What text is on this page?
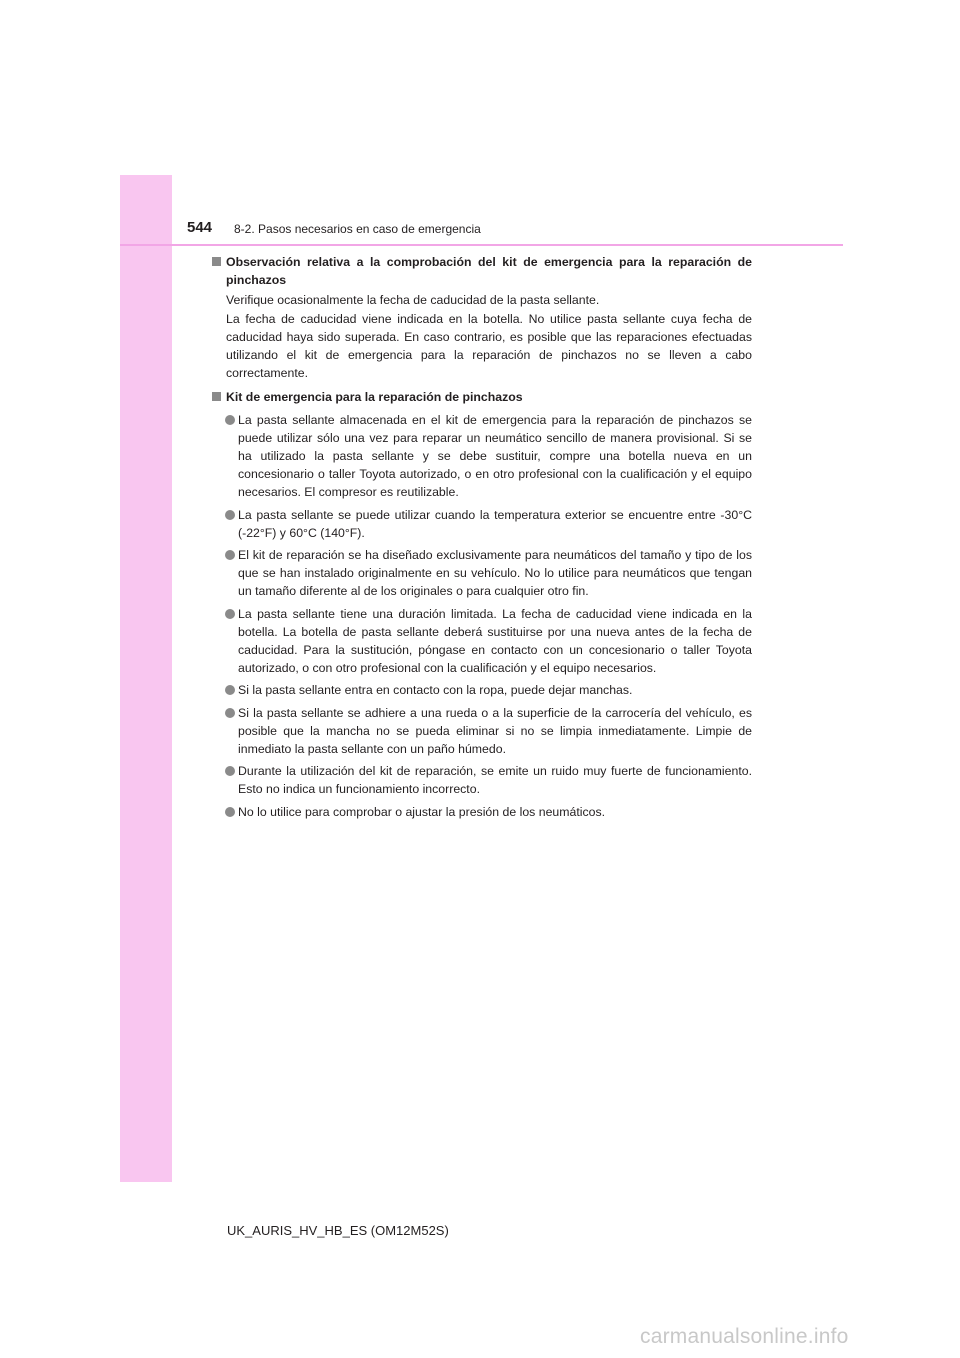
544 8-2. Pasos necesarios en caso de emergencia
Observación relativa a la comprobación del kit de emergencia para la reparación de pinchazos
Verifique ocasionalmente la fecha de caducidad de la pasta sellante.
La fecha de caducidad viene indicada en la botella. No utilice pasta sellante cuya fecha de caducidad haya sido superada. En caso contrario, es posible que las reparaciones efectuadas utilizando el kit de emergencia para la reparación de pinchazos no se lleven a cabo correctamente.
Kit de emergencia para la reparación de pinchazos
La pasta sellante almacenada en el kit de emergencia para la reparación de pinchazos se puede utilizar sólo una vez para reparar un neumático sencillo de manera provisional. Si se ha utilizado la pasta sellante y se debe sustituir, compre una botella nueva en un concesionario o taller Toyota autorizado, o en otro profesional con la cualificación y el equipo necesarios. El compresor es reutilizable.
La pasta sellante se puede utilizar cuando la temperatura exterior se encuentre entre -30°C (-22°F) y 60°C (140°F).
El kit de reparación se ha diseñado exclusivamente para neumáticos del tamaño y tipo de los que se han instalado originalmente en su vehículo. No lo utilice para neumáticos que tengan un tamaño diferente al de los originales o para cualquier otro fin.
La pasta sellante tiene una duración limitada. La fecha de caducidad viene indicada en la botella. La botella de pasta sellante deberá sustituirse por una nueva antes de la fecha de caducidad. Para la sustitución, póngase en contacto con un concesionario o taller Toyota autorizado, o con otro profesional con la cualificación y el equipo necesarios.
Si la pasta sellante entra en contacto con la ropa, puede dejar manchas.
Si la pasta sellante se adhiere a una rueda o a la superficie de la carrocería del vehículo, es posible que la mancha no se pueda eliminar si no se limpia inmediatamente. Limpie de inmediato la pasta sellante con un paño húmedo.
Durante la utilización del kit de reparación, se emite un ruido muy fuerte de funcionamiento. Esto no indica un funcionamiento incorrecto.
No lo utilice para comprobar o ajustar la presión de los neumáticos.
UK_AURIS_HV_HB_ES (OM12M52S)
carmanualsonline.info
